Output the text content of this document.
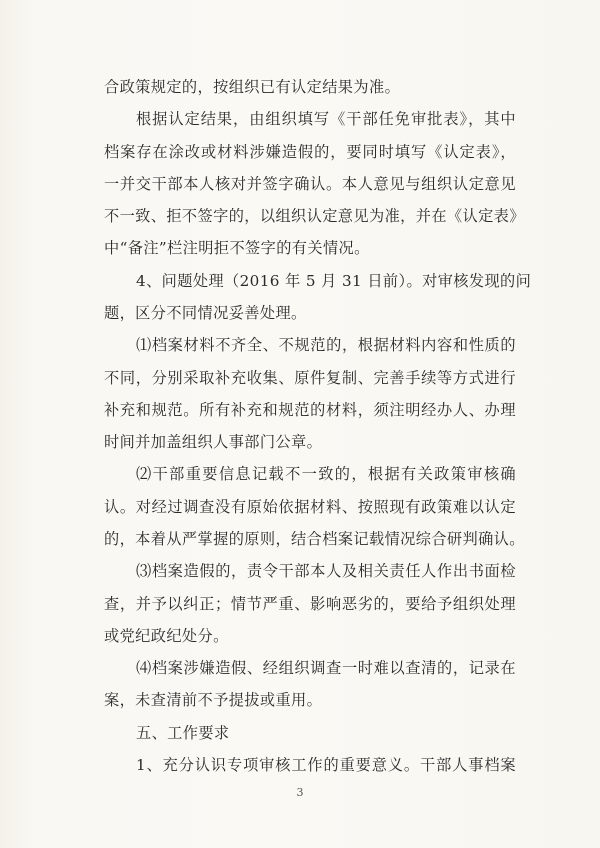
合政策规定的，按组织已有认定结果为准。
根据认定结果，由组织填写《干部任免审批表》，其中
档案存在涂改或材料涉嫌造假的，要同时填写《认定表》，
一并交干部本人核对并签字确认。本人意见与组织认定意见
不一致、拒不签字的，以组织认定意见为准，并在《认定表》
中“备注”栏注明拒不签字的有关情况。
4、问题处理（2016 年 5 月 31 日前）。对审核发现的问
题，区分不同情况妥善处理。
⑴档案材料不齐全、不规范的，根据材料内容和性质的
不同，分别采取补充收集、原件复制、完善手续等方式进行
补充和规范。所有补充和规范的材料，须注明经办人、办理
时间并加盖组织人事部门公章。
⑵干部重要信息记载不一致的，根据有关政策审核确
认。对经过调查没有原始依据材料、按照现有政策难以认定
的，本着从严掌握的原则，结合档案记载情况综合研判确认。
⑶档案造假的，责令干部本人及相关责任人作出书面检
查，并予以纠正；情节严重、影响恶劣的，要给予组织处理
或党纪政纪处分。
⑷档案涉嫌造假、经组织调查一时难以查清的，记录在
案，未查清前不予提拔或重用。
五、工作要求
1、充分认识专项审核工作的重要意义。干部人事档案
3
